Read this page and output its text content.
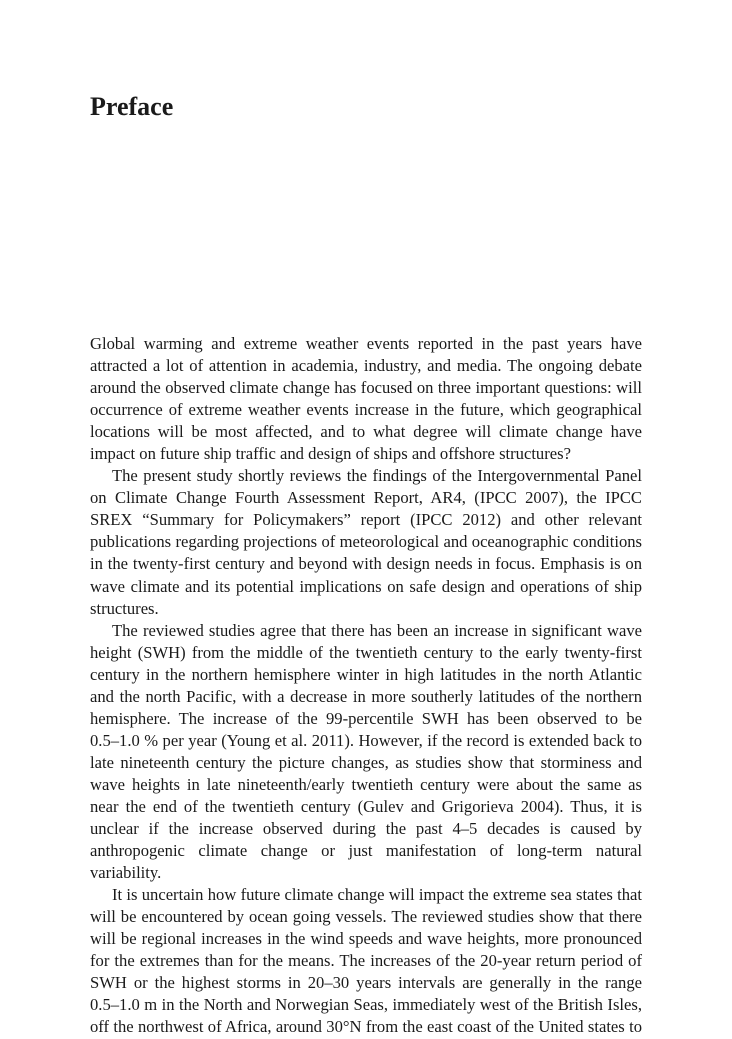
Preface
Global warming and extreme weather events reported in the past years have
attracted a lot of attention in academia, industry, and media. The ongoing debate
around the observed climate change has focused on three important questions: will
occurrence of extreme weather events increase in the future, which geographical
locations will be most affected, and to what degree will climate change have
impact on future ship traffic and design of ships and offshore structures?
The present study shortly reviews the findings of the Intergovernmental Panel
on Climate Change Fourth Assessment Report, AR4, (IPCC 2007), the IPCC
SREX “Summary for Policymakers” report (IPCC 2012) and other relevant
publications regarding projections of meteorological and oceanographic conditions
in the twenty-first century and beyond with design needs in focus. Emphasis is on
wave climate and its potential implications on safe design and operations of ship
structures.
The reviewed studies agree that there has been an increase in significant wave
height (SWH) from the middle of the twentieth century to the early twenty-first
century in the northern hemisphere winter in high latitudes in the north Atlantic
and the north Pacific, with a decrease in more southerly latitudes of the northern
hemisphere. The increase of the 99-percentile SWH has been observed to be
0.5–1.0 % per year (Young et al. 2011). However, if the record is extended back to
late nineteenth century the picture changes, as studies show that storminess and
wave heights in late nineteenth/early twentieth century were about the same as
near the end of the twentieth century (Gulev and Grigorieva 2004). Thus, it is
unclear if the increase observed during the past 4–5 decades is caused by
anthropogenic climate change or just manifestation of long-term natural
variability.
It is uncertain how future climate change will impact the extreme sea states that
will be encountered by ocean going vessels. The reviewed studies show that there
will be regional increases in the wind speeds and wave heights, more pronounced
for the extremes than for the means. The increases of the 20-year return period of
SWH or the highest storms in 20–30 years intervals are generally in the range
0.5–1.0 m in the North and Norwegian Seas, immediately west of the British Isles,
off the northwest of Africa, around 30°N from the east coast of the United states to
